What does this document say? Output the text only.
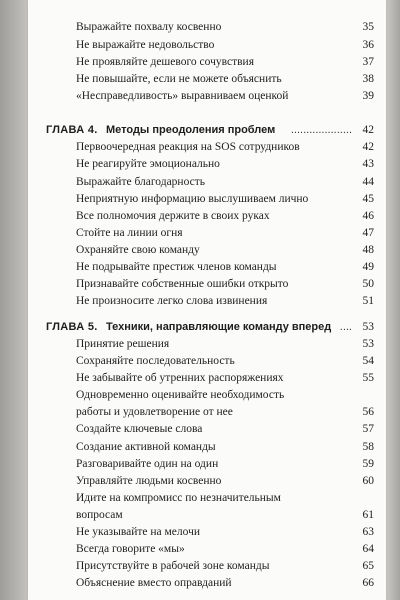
Выражайте похвалу косвенно	35
Не выражайте недовольство	36
Не проявляйте дешевого сочувствия	37
Не повышайте, если не можете объяснить	38
«Несправедливость» выравниваем оценкой	39
ГЛАВА 4. Методы преодоления проблем .................... 42
Первоочередная реакция на SOS сотрудников	42
Не реагируйте эмоционально	43
Выражайте благодарность	44
Неприятную информацию выслушиваем лично	45
Все полномочия держите в своих руках	46
Стойте на линии огня	47
Охраняйте свою команду	48
Не подрывайте престиж членов команды	49
Признавайте собственные ошибки открыто	50
Не произносите легко слова извинения	51
ГЛАВА 5. Техники, направляющие команду вперед .... 53
Принятие решения	53
Сохраняйте последовательность	54
Не забывайте об утренних распоряжениях	55
Одновременно оценивайте необходимость
работы и удовлетворение от нее	56
Создайте ключевые слова	57
Создание активной команды	58
Разговаривайте один на один	59
Управляйте людьми косвенно	60
Идите на компромисс по незначительным
вопросам	61
Не указывайте на мелочи	63
Всегда говорите «мы»	64
Присутствуйте в рабочей зоне команды	65
Объяснение вместо оправданий	66
